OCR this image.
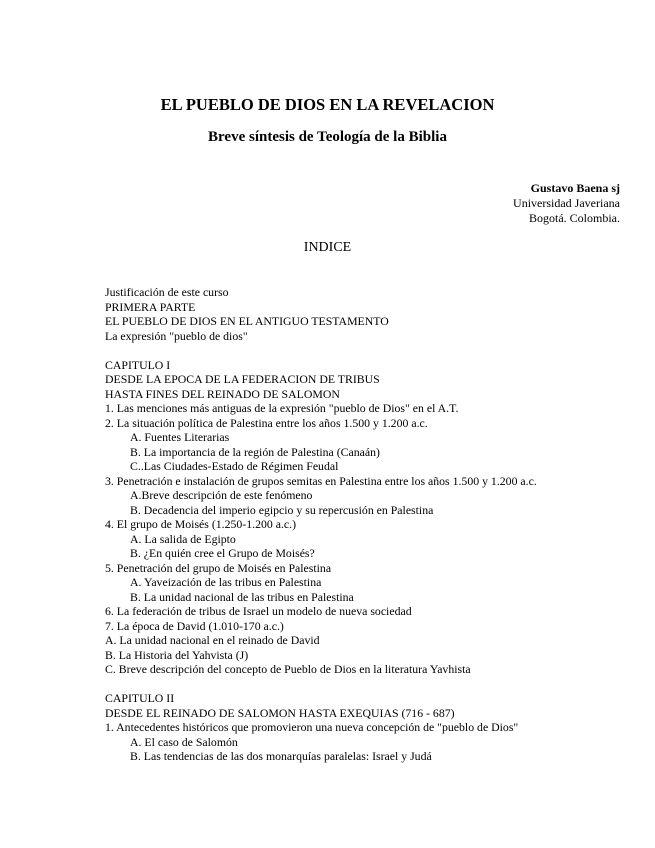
EL PUEBLO DE DIOS EN LA REVELACION
Breve síntesis de Teología de la Biblia
Gustavo Baena sj
Universidad Javeriana
Bogotá. Colombia.
INDICE
Justificación de este curso
PRIMERA PARTE
EL PUEBLO DE DIOS EN EL ANTIGUO TESTAMENTO
La expresión "pueblo de dios"
CAPITULO I
DESDE LA EPOCA DE LA FEDERACION DE TRIBUS
HASTA FINES DEL REINADO DE SALOMON
1. Las menciones más antiguas de la expresión "pueblo de Dios" en el A.T.
2. La situación política de Palestina entre los años 1.500 y 1.200 a.c.
A. Fuentes Literarias
B. La importancia de la región de Palestina (Canaán)
C..Las Ciudades-Estado de Régimen Feudal
3. Penetración e instalación de grupos semitas en Palestina entre los años 1.500 y 1.200 a.c.
A.Breve descripción de este fenómeno
B. Decadencia del imperio egipcio y su repercusión en Palestina
4. El grupo de Moisés (1.250-1.200 a.c.)
A. La salida de Egipto
B. ¿En quién cree el Grupo de Moisés?
5. Penetración del grupo de Moisés en Palestina
A. Yaveización de las tribus en Palestina
B. La unidad nacional de las tribus en Palestina
6. La federación de tribus de Israel un modelo de nueva sociedad
7. La época de David (1.010-170 a.c.)
A. La unidad nacional en el reinado de David
B. La Historia del Yahvista (J)
C. Breve descripción del concepto de Pueblo de Dios en la literatura Yavhista
CAPITULO II
DESDE EL REINADO DE SALOMON HASTA EXEQUIAS (716 - 687)
1. Antecedentes históricos que promovieron una nueva concepción de "pueblo de Dios"
A. El caso de Salomón
B. Las tendencias de las dos monarquías paralelas: Israel y Judá
